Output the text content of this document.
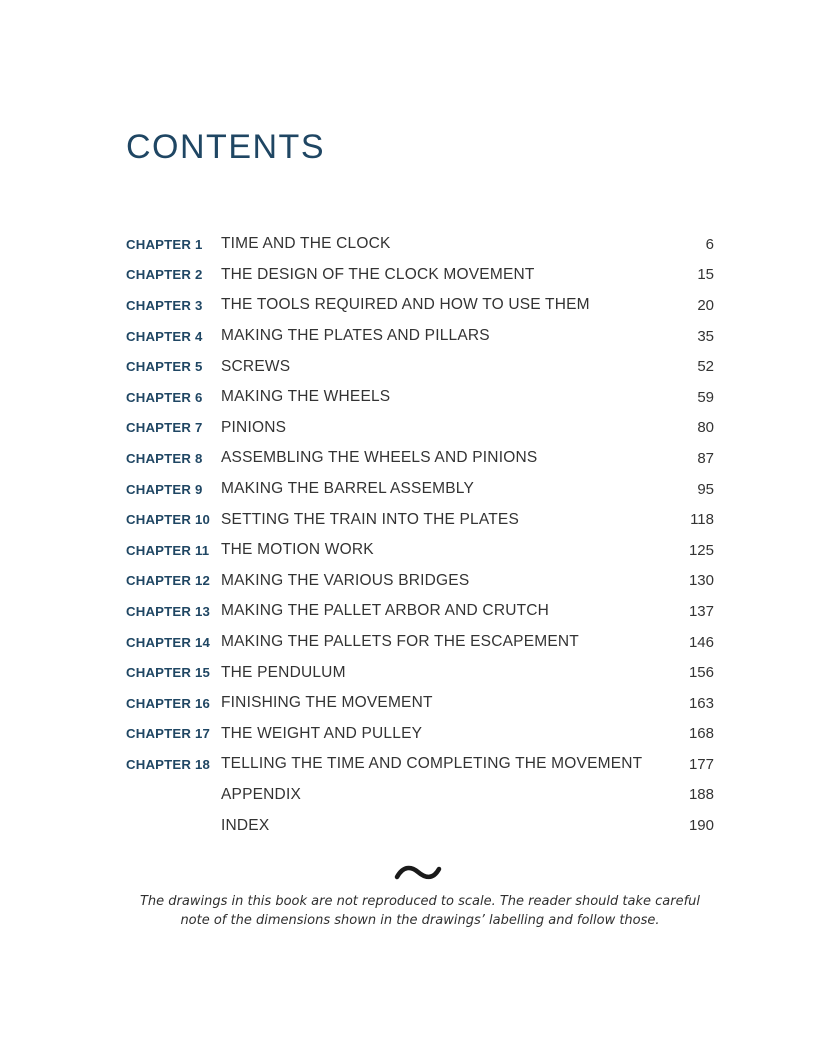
CONTENTS
CHAPTER 1	TIME AND THE CLOCK	6
CHAPTER 2	THE DESIGN OF THE CLOCK MOVEMENT	15
CHAPTER 3	THE TOOLS REQUIRED AND HOW TO USE THEM	20
CHAPTER 4	MAKING THE PLATES AND PILLARS	35
CHAPTER 5	SCREWS	52
CHAPTER 6	MAKING THE WHEELS	59
CHAPTER 7	PINIONS	80
CHAPTER 8	ASSEMBLING THE WHEELS AND PINIONS	87
CHAPTER 9	MAKING THE BARREL ASSEMBLY	95
CHAPTER 10 SETTING THE TRAIN INTO THE PLATES	118
CHAPTER 11 THE MOTION WORK	125
CHAPTER 12 MAKING THE VARIOUS BRIDGES	130
CHAPTER 13 MAKING THE PALLET ARBOR AND CRUTCH	137
CHAPTER 14 MAKING THE PALLETS FOR THE ESCAPEMENT	146
CHAPTER 15 THE PENDULUM	156
CHAPTER 16 FINISHING THE MOVEMENT	163
CHAPTER 17 THE WEIGHT AND PULLEY	168
CHAPTER 18 TELLING THE TIME AND COMPLETING THE MOVEMENT	177
APPENDIX	188
INDEX	190

The drawings in this book are not reproduced to scale. The reader should take careful
note of the dimensions shown in the drawings’ labelling and follow those.
